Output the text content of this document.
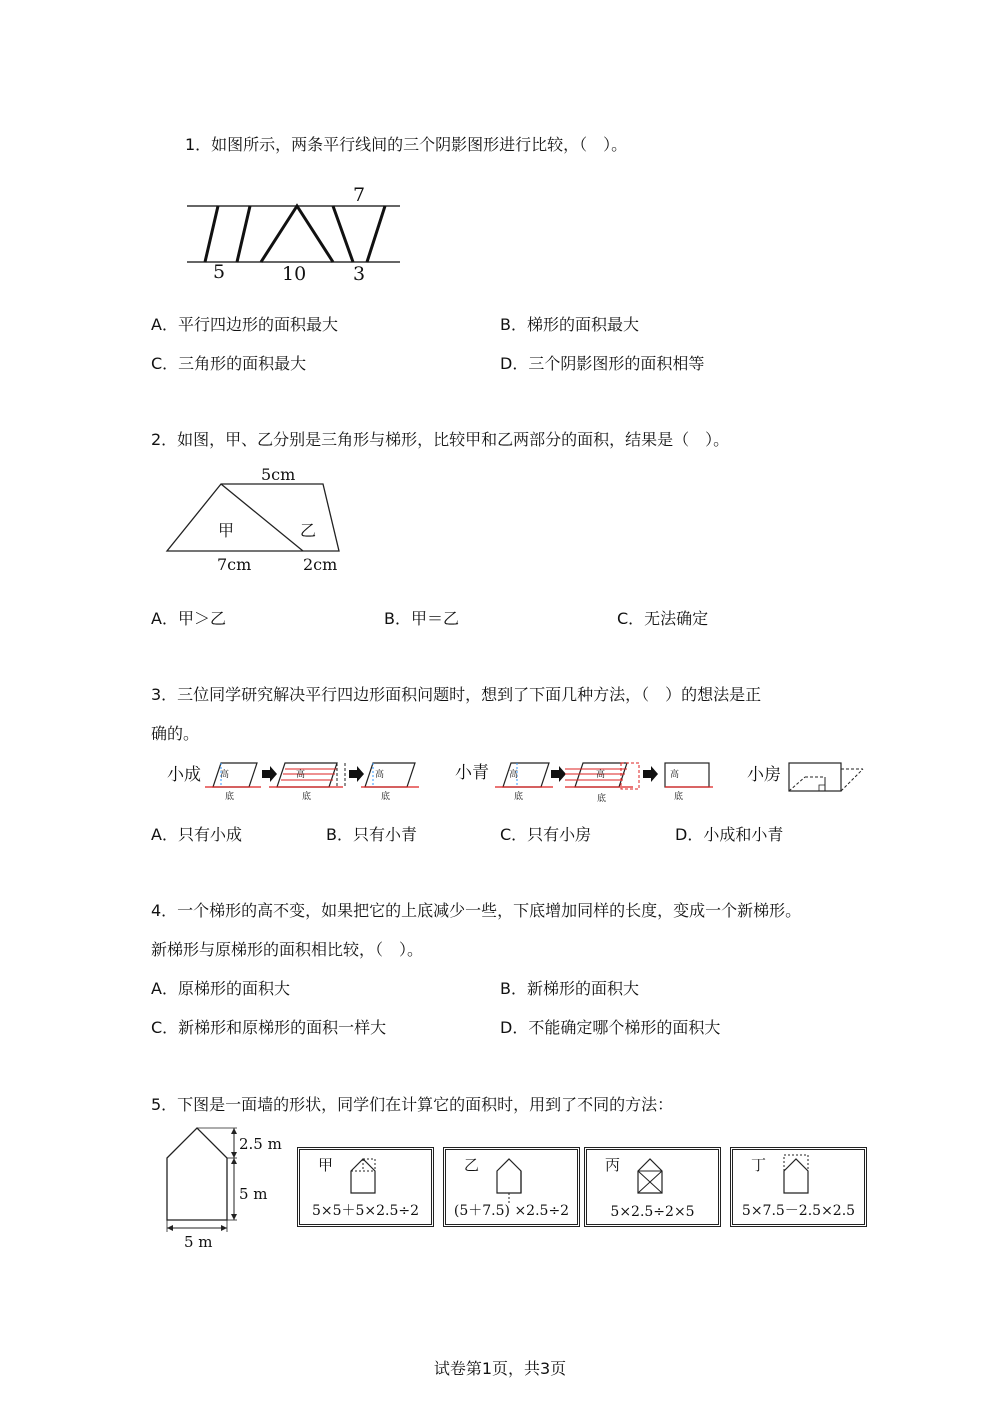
1．如图所示，两条平行线间的三个阴影图形进行比较，（　）。
7
5	10 3
A．平行四边形的面积最大	B．梯形的面积最大
C．三角形的面积最大	D．三个阴影图形的面积相等
2．如图，甲、乙分别是三角形与梯形，比较甲和乙两部分的面积，结果是（　）。
5cm
甲	乙
7cm	2cm
A．甲＞乙	B．甲＝乙	C．无法确定
3．三位同学研究解决平行四边形面积问题时，想到了下面几种方法，（　）的想法是正
确的。
小成 高
底
高
底
高
底
小青 高
底
高
底
高
底
小房
A．只有小成	B．只有小青	C．只有小房	D．小成和小青
4．一个梯形的高不变，如果把它的上底减少一些，下底增加同样的长度，变成一个新梯形。
新梯形与原梯形的面积相比较，（　）。
A．原梯形的面积大	B．新梯形的面积大
C．新梯形和原梯形的面积一样大	D．不能确定哪个梯形的面积大
5．下图是一面墙的形状，同学们在计算它的面积时，用到了不同的方法：
2.5 m
5 m
5 m
甲
5×5＋5×2.5÷2
乙
(5＋7.5) ×2.5÷2
丙
5×2.5÷2×5
丁
5×7.5－2.5×2.5
试卷第1页，共3页
